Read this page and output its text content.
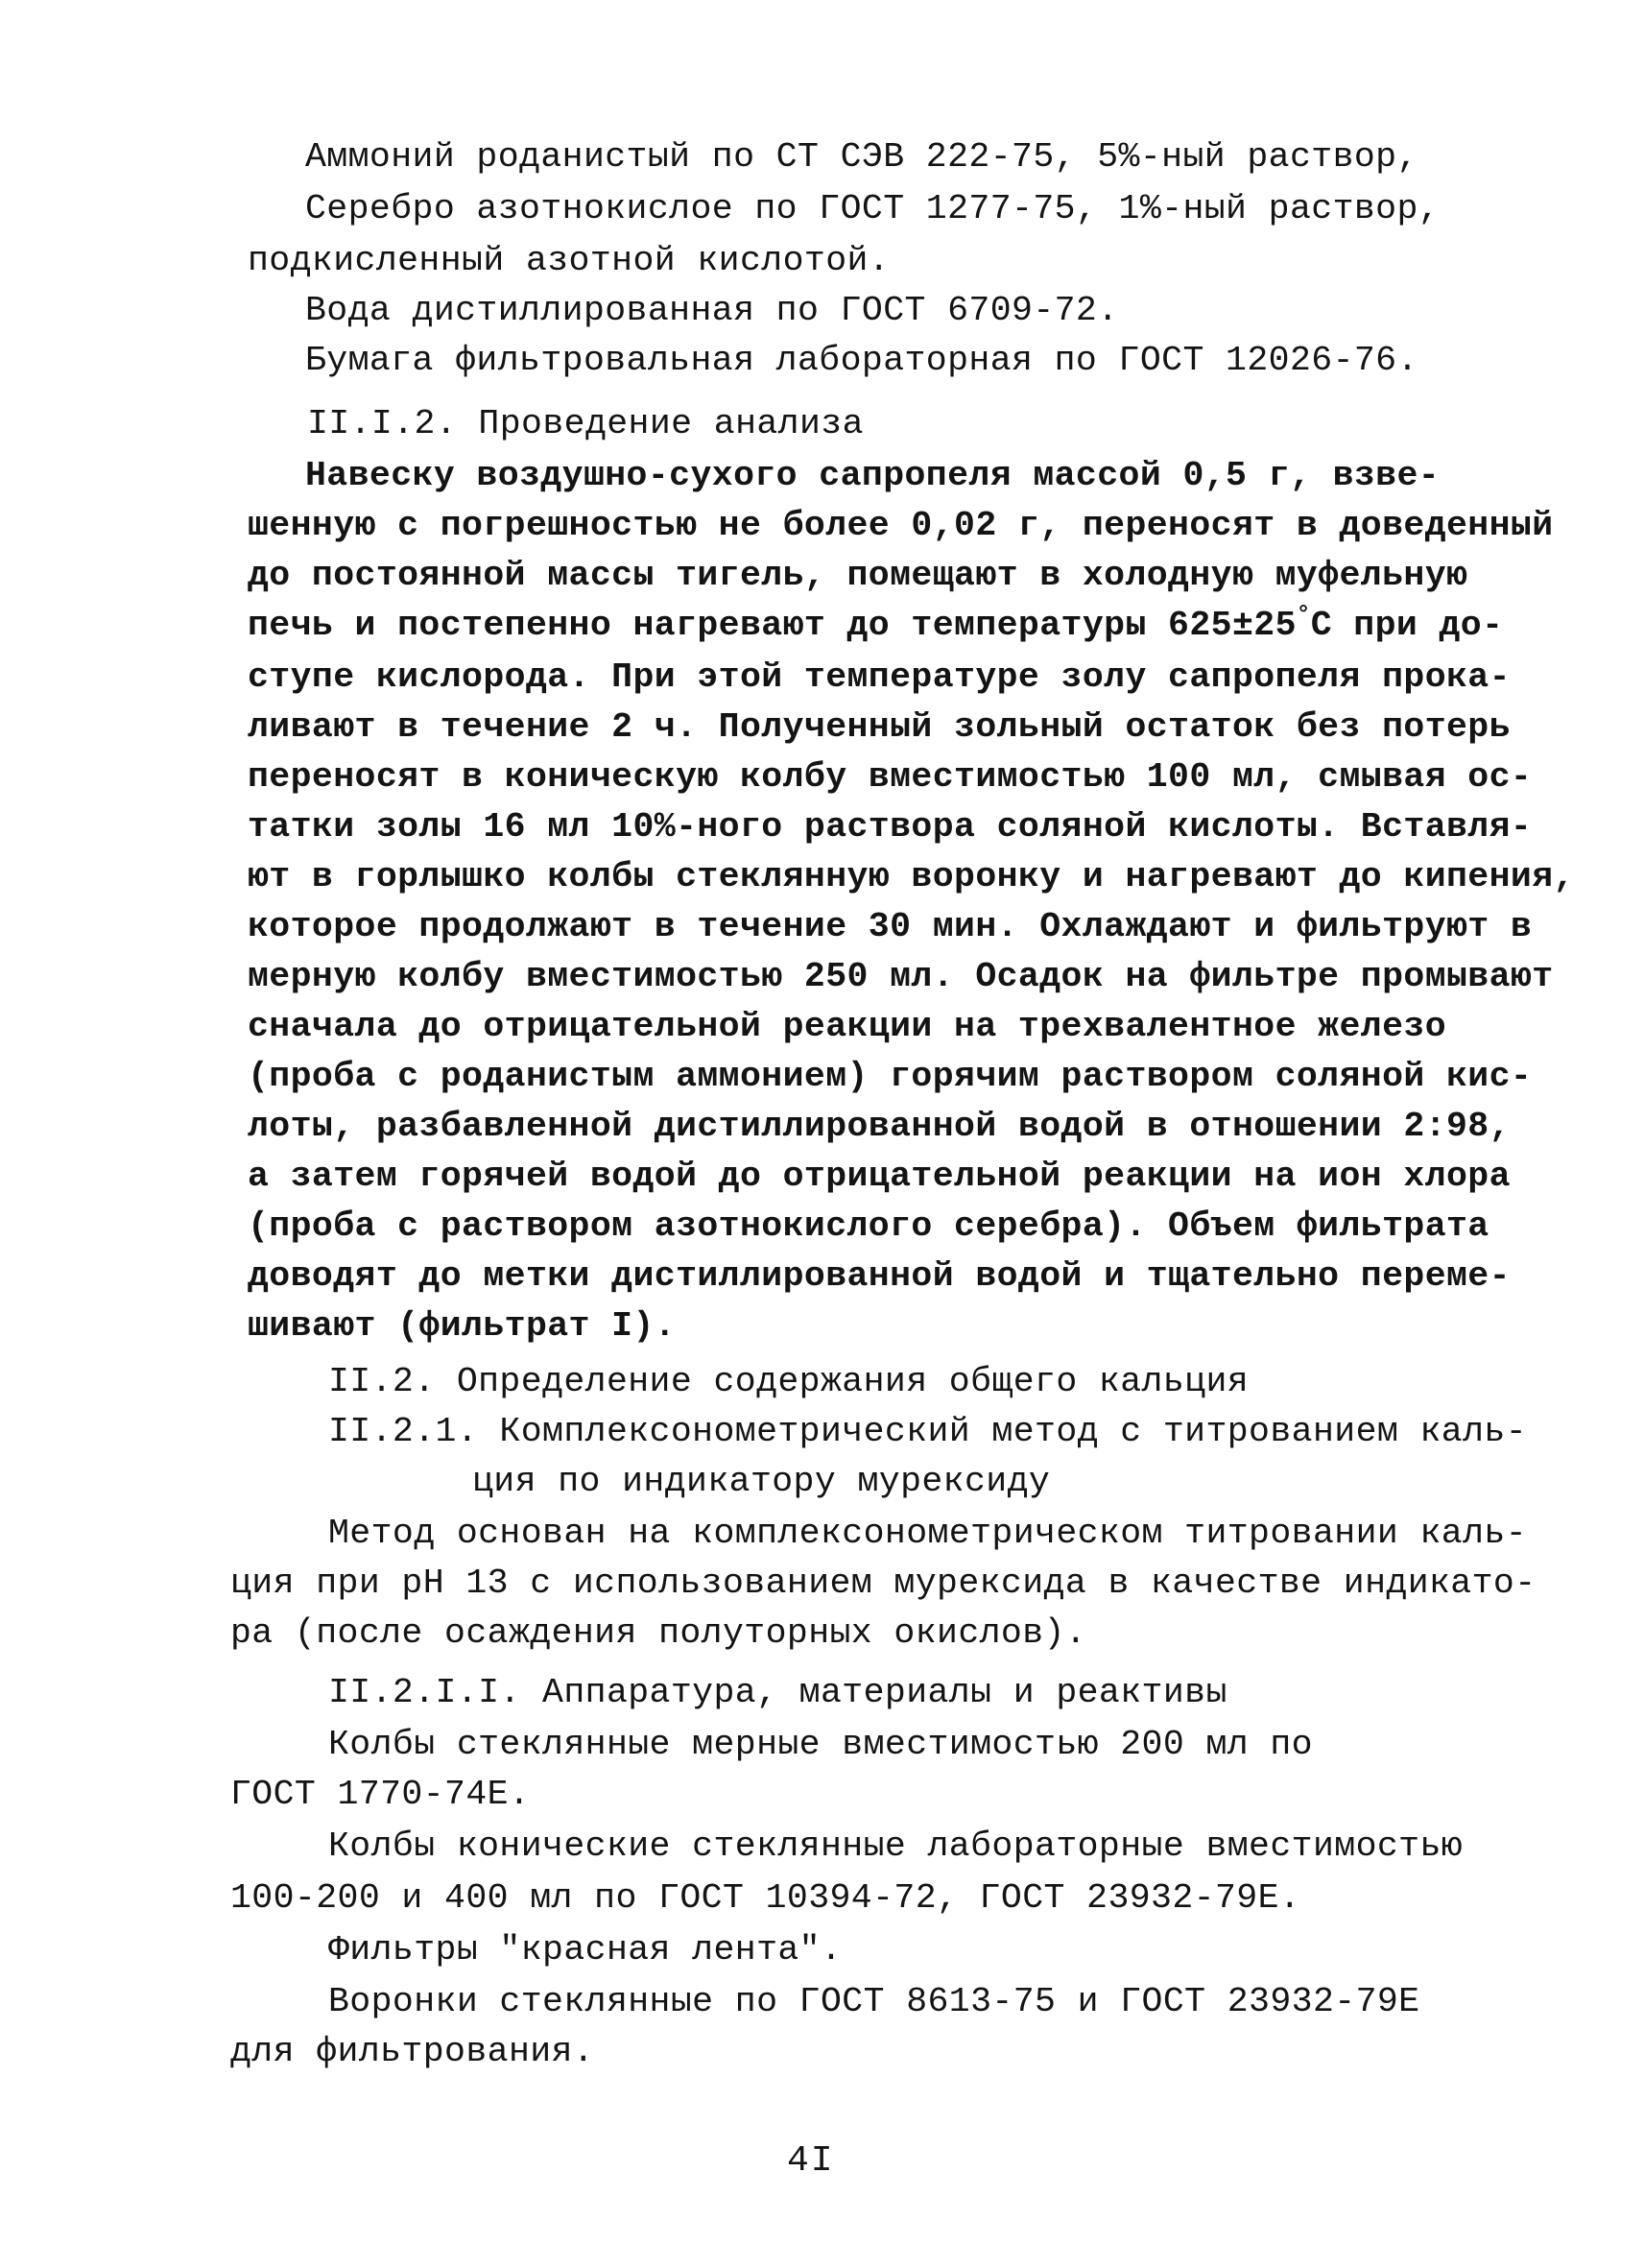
Аммоний роданистый по СТ СЭВ 222-75, 5%-ный раствор,
Серебро азотнокислое по ГОСТ 1277-75, 1%-ный раствор,
подкисленный азотной кислотой.
Вода дистиллированная по ГОСТ 6709-72.
Бумага фильтровальная лабораторная по ГОСТ 12026-76.
II.I.2. Проведение анализа
Навеску воздушно-сухого сапропеля массой 0,5 г, взве-
шенную с погрешностью не более 0,02 г, переносят в доведенный
до постоянной массы тигель, помещают в холодную муфельную
печь и постепенно нагревают до температуры 625±25°С при до-
ступе кислорода. При этой температуре золу сапропеля прока-
ливают в течение 2 ч. Полученный зольный остаток без потерь
переносят в коническую колбу вместимостью 100 мл, смывая ос-
татки золы 16 мл 10%-ного раствора соляной кислоты. Вставля-
ют в горлышко колбы стеклянную воронку и нагревают до кипения,
которое продолжают в течение 30 мин. Охлаждают и фильтруют в
мерную колбу вместимостью 250 мл. Осадок на фильтре промывают
сначала до отрицательной реакции на трехвалентное железо
(проба с роданистым аммонием) горячим раствором соляной кис-
лоты, разбавленной дистиллированной водой в отношении 2:98,
а затем горячей водой до отрицательной реакции на ион хлора
(проба с раствором азотнокислого серебра). Объем фильтрата
доводят до метки дистиллированной водой и тщательно переме-
шивают (фильтрат I).
II.2. Определение содержания общего кальция
II.2.1. Комплексонометрический метод с титрованием каль-
ция по индикатору мурексиду
Метод основан на комплексонометрическом титровании каль-
ция при рН 13 с использованием мурексида в качестве индикато-
ра (после осаждения полуторных окислов).
II.2.I.I. Аппаратура, материалы и реактивы
Колбы стеклянные мерные вместимостью 200 мл по
ГОСТ 1770-74Е.
Колбы конические стеклянные лабораторные вместимостью
100-200 и 400 мл по ГОСТ 10394-72, ГОСТ 23932-79Е.
Фильтры "красная лента".
Воронки стеклянные по ГОСТ 8613-75 и ГОСТ 23932-79Е
для фильтрования.
4I
